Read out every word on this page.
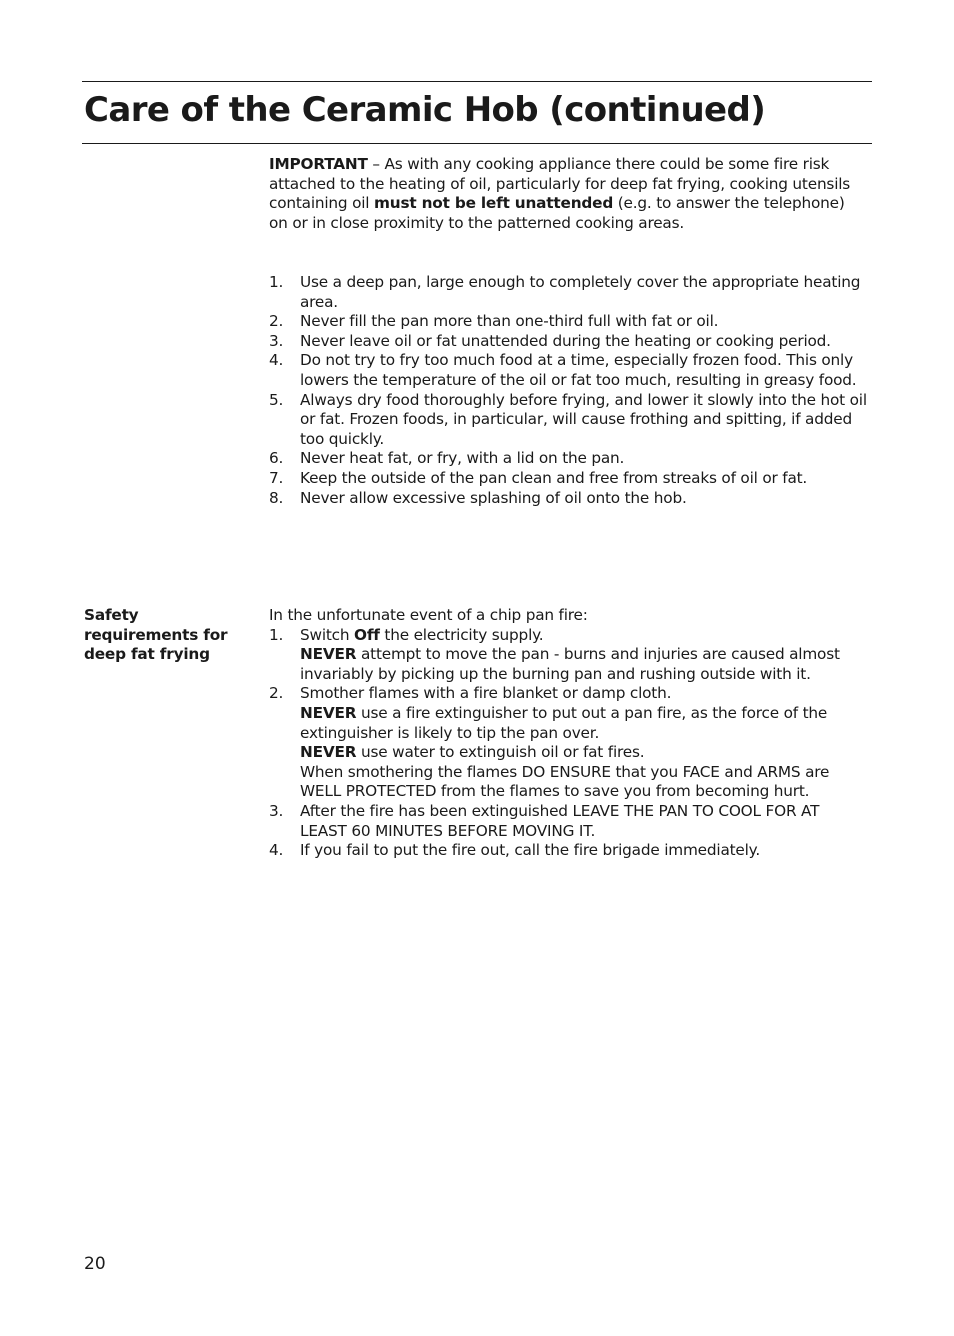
Care of the Ceramic Hob (continued)

IMPORTANT – As with any cooking appliance there could be some fire risk attached to the heating of oil, particularly for deep fat frying, cooking utensils containing oil must not be left unattended (e.g. to answer the telephone) on or in close proximity to the patterned cooking areas.

1. Use a deep pan, large enough to completely cover the appropriate heating area.
2. Never fill the pan more than one-third full with fat or oil.
3. Never leave oil or fat unattended during the heating or cooking period.
4. Do not try to fry too much food at a time, especially frozen food. This only lowers the temperature of the oil or fat too much, resulting in greasy food.
5. Always dry food thoroughly before frying, and lower it slowly into the hot oil or fat. Frozen foods, in particular, will cause frothing and spitting, if added too quickly.
6. Never heat fat, or fry, with a lid on the pan.
7. Keep the outside of the pan clean and free from streaks of oil or fat.
8. Never allow excessive splashing of oil onto the hob.
Safety requirements for deep fat frying

In the unfortunate event of a chip pan fire:

1. Switch Off the electricity supply.
NEVER attempt to move the pan - burns and injuries are caused almost invariably by picking up the burning pan and rushing outside with it.
2. Smother flames with a fire blanket or damp cloth.
NEVER use a fire extinguisher to put out a pan fire, as the force of the extinguisher is likely to tip the pan over.
NEVER use water to extinguish oil or fat fires.
When smothering the flames DO ENSURE that you FACE and ARMS are WELL PROTECTED from the flames to save you from becoming hurt.
3. After the fire has been extinguished LEAVE THE PAN TO COOL FOR AT LEAST 60 MINUTES BEFORE MOVING IT.
4. If you fail to put the fire out, call the fire brigade immediately.
20
